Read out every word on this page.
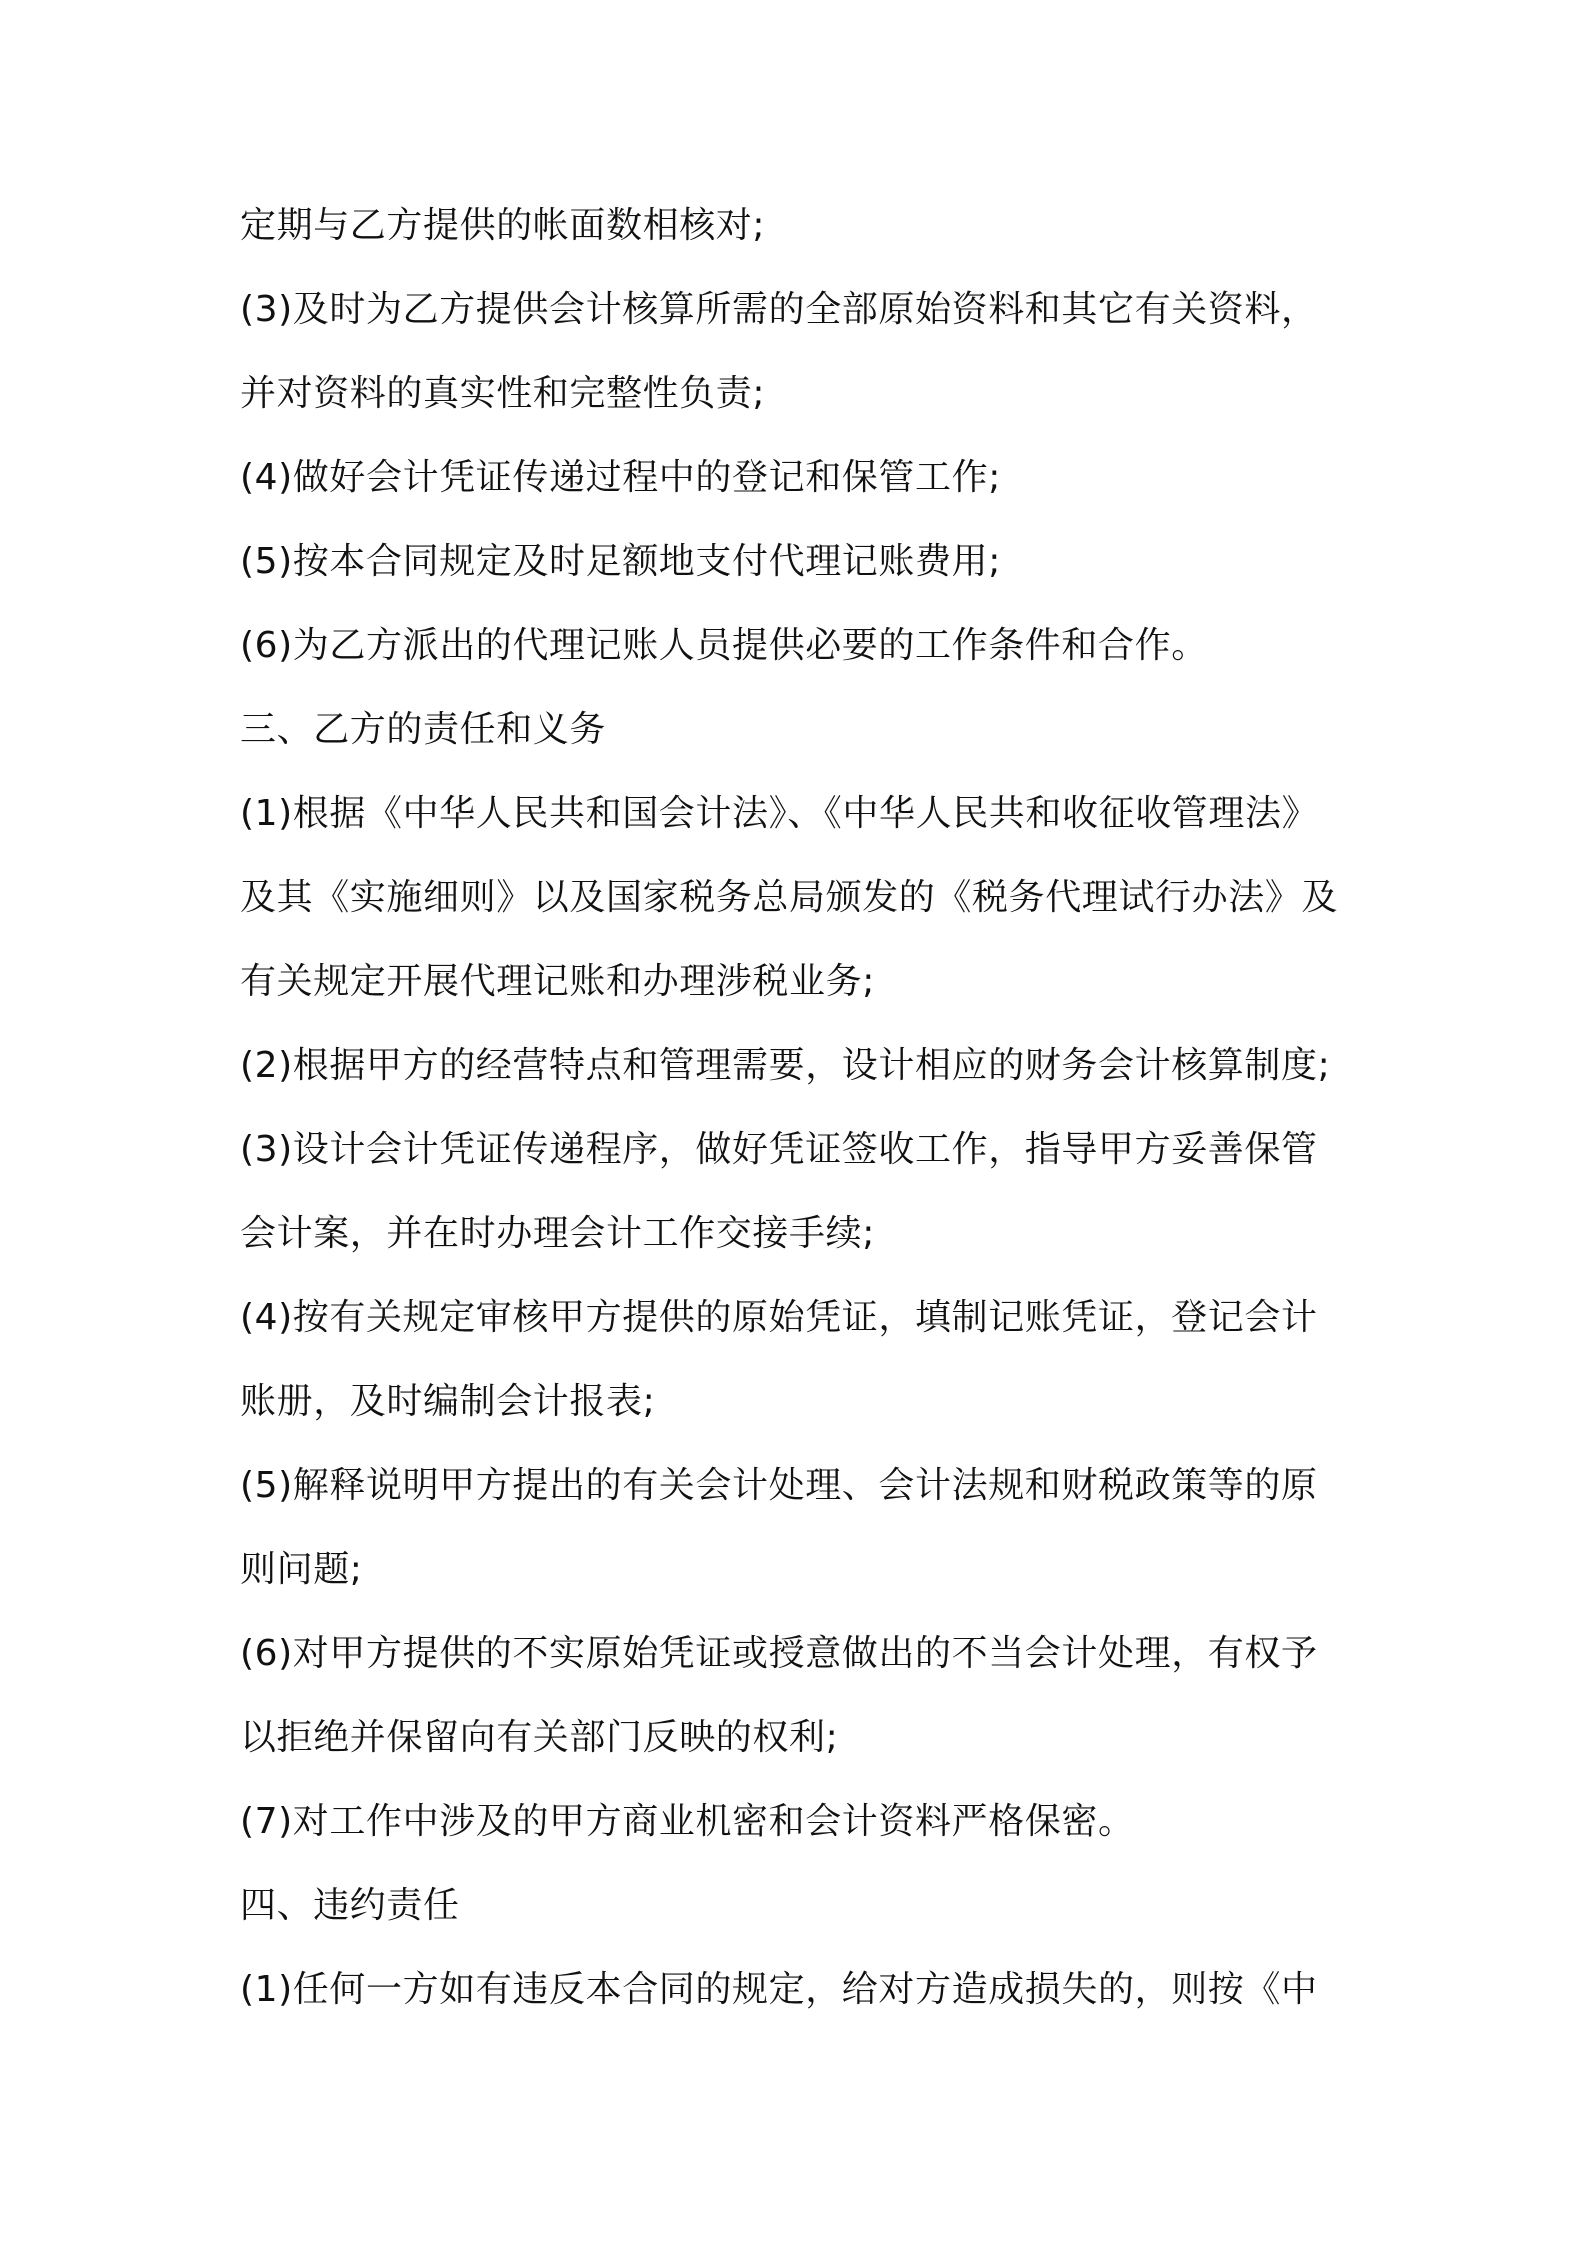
定期与乙方提供的帐面数相核对;
(3)及时为乙方提供会计核算所需的全部原始资料和其它有关资料，
并对资料的真实性和完整性负责;
(4)做好会计凭证传递过程中的登记和保管工作;
(5)按本合同规定及时足额地支付代理记账费用;
(6)为乙方派出的代理记账人员提供必要的工作条件和合作。
三、乙方的责任和义务
(1)根据《中华人民共和国会计法》、《中华人民共和收征收管理法》
及其《实施细则》以及国家税务总局颁发的《税务代理试行办法》及
有关规定开展代理记账和办理涉税业务;
(2)根据甲方的经营特点和管理需要，设计相应的财务会计核算制度;
(3)设计会计凭证传递程序，做好凭证签收工作，指导甲方妥善保管
会计案，并在时办理会计工作交接手续;
(4)按有关规定审核甲方提供的原始凭证，填制记账凭证，登记会计
账册，及时编制会计报表;
(5)解释说明甲方提出的有关会计处理、会计法规和财税政策等的原
则问题;
(6)对甲方提供的不实原始凭证或授意做出的不当会计处理，有权予
以拒绝并保留向有关部门反映的权利;
(7)对工作中涉及的甲方商业机密和会计资料严格保密。
四、违约责任
(1)任何一方如有违反本合同的规定，给对方造成损失的，则按《中
